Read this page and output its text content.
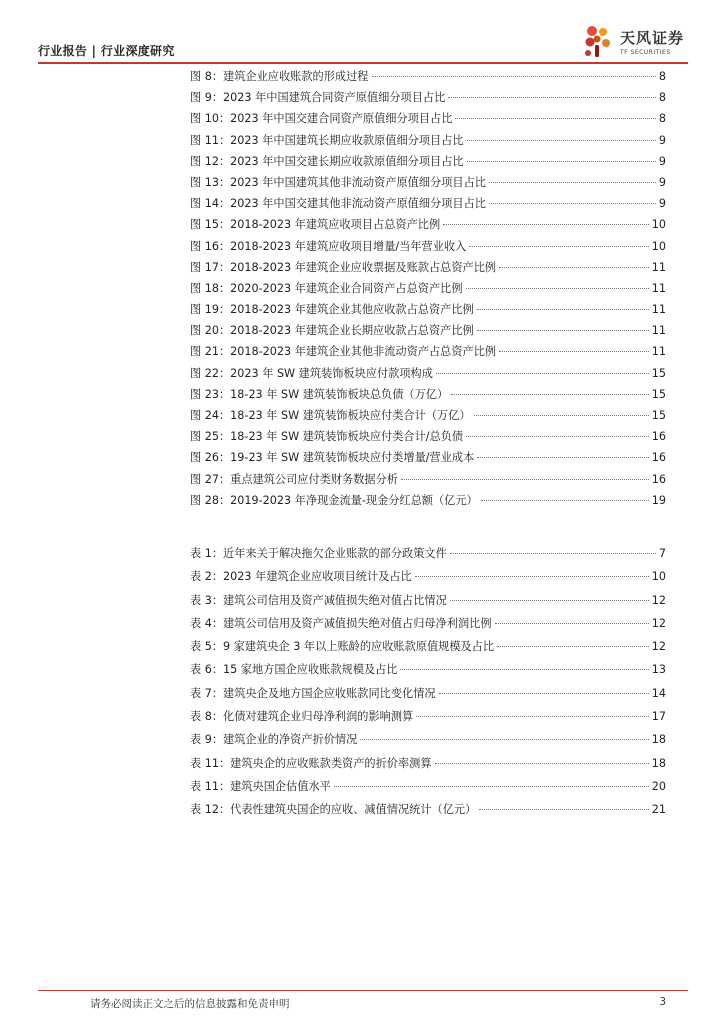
行业报告 | 行业深度研究
天风证券
TF SECURITIES
图 8：建筑企业应收账款的形成过程	8
图 9：2023 年中国建筑合同资产原值细分项目占比	8
图 10：2023 年中国交建合同资产原值细分项目占比	8
图 11：2023 年中国建筑长期应收款原值细分项目占比	9
图 12：2023 年中国交建长期应收款原值细分项目占比	9
图 13：2023 年中国建筑其他非流动资产原值细分项目占比	9
图 14：2023 年中国交建其他非流动资产原值细分项目占比	9
图 15：2018-2023 年建筑应收项目占总资产比例	10
图 16：2018-2023 年建筑应收项目增量/当年营业收入	10
图 17：2018-2023 年建筑企业应收票据及账款占总资产比例	11
图 18：2020-2023 年建筑企业合同资产占总资产比例	11
图 19：2018-2023 年建筑企业其他应收款占总资产比例	11
图 20：2018-2023 年建筑企业长期应收款占总资产比例	11
图 21：2018-2023 年建筑企业其他非流动资产占总资产比例	11
图 22：2023 年 SW 建筑装饰板块应付款项构成	15
图 23：18-23 年 SW 建筑装饰板块总负债（万亿）	15
图 24：18-23 年 SW 建筑装饰板块应付类合计（万亿）	15
图 25：18-23 年 SW 建筑装饰板块应付类合计/总负债	16
图 26：19-23 年 SW 建筑装饰板块应付类增量/营业成本	16
图 27：重点建筑公司应付类财务数据分析	16
图 28：2019-2023 年净现金流量-现金分红总额（亿元）	19
表 1：近年来关于解决拖欠企业账款的部分政策文件	7
表 2：2023 年建筑企业应收项目统计及占比	10
表 3：建筑公司信用及资产减值损失绝对值占比情况	12
表 4：建筑公司信用及资产减值损失绝对值占归母净利润比例	12
表 5：9 家建筑央企 3 年以上账龄的应收账款原值规模及占比	12
表 6：15 家地方国企应收账款规模及占比	13
表 7：建筑央企及地方国企应收账款同比变化情况	14
表 8：化债对建筑企业归母净利润的影响测算	17
表 9：建筑企业的净资产折价情况	18
表 11：建筑央企的应收账款类资产的折价率测算	18
表 11：建筑央国企估值水平	20
表 12：代表性建筑央国企的应收、减值情况统计（亿元）	21
请务必阅读正文之后的信息披露和免责申明	3
